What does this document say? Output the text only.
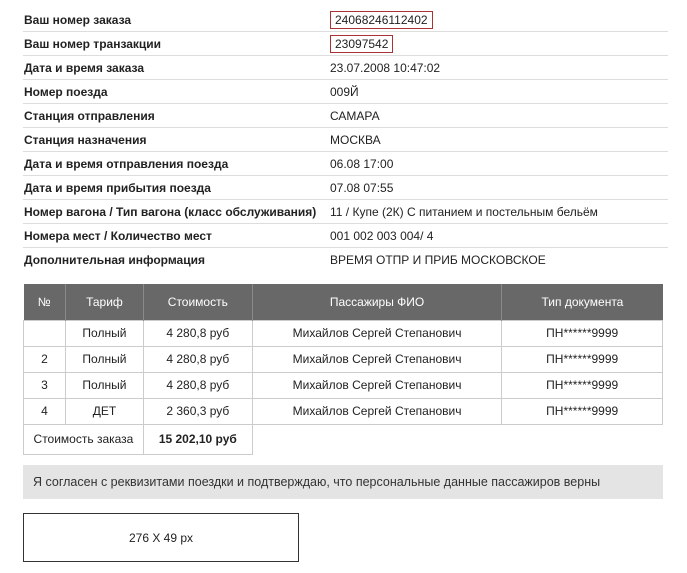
Ваш номер заказа	24068246112402
Ваш номер транзакции	23097542
Дата и время заказа	23.07.2008 10:47:02
Номер поезда	009Й
Станция отправления	САМАРА
Станция назначения	МОСКВА
Дата и время отправления поезда	06.08 17:00
Дата и время прибытия поезда	07.08 07:55
Номер вагона / Тип вагона (класс обслуживания)	11 / Купе (2К) С питанием и постельным бельём
Номера мест / Количество мест	001 002 003 004/ 4
Дополнительная информация	ВРЕМЯ ОТПР И ПРИБ МОСКОВСКОЕ
№	Тариф	Стоимость	Пассажиры ФИО	Тип документа
	Полный	4 280,8 руб	Михайлов Сергей Степанович	ПН******9999
2	Полный	4 280,8 руб	Михайлов Сергей Степанович	ПН******9999
3	Полный	4 280,8 руб	Михайлов Сергей Степанович	ПН******9999
4	ДЕТ	2 360,3 руб	Михайлов Сергей Степанович	ПН******9999
Стоимость заказа		15 202,10 руб		
Я согласен с реквизитами поездки и подтверждаю, что персональные данные пассажиров верны
276 X 49 px
